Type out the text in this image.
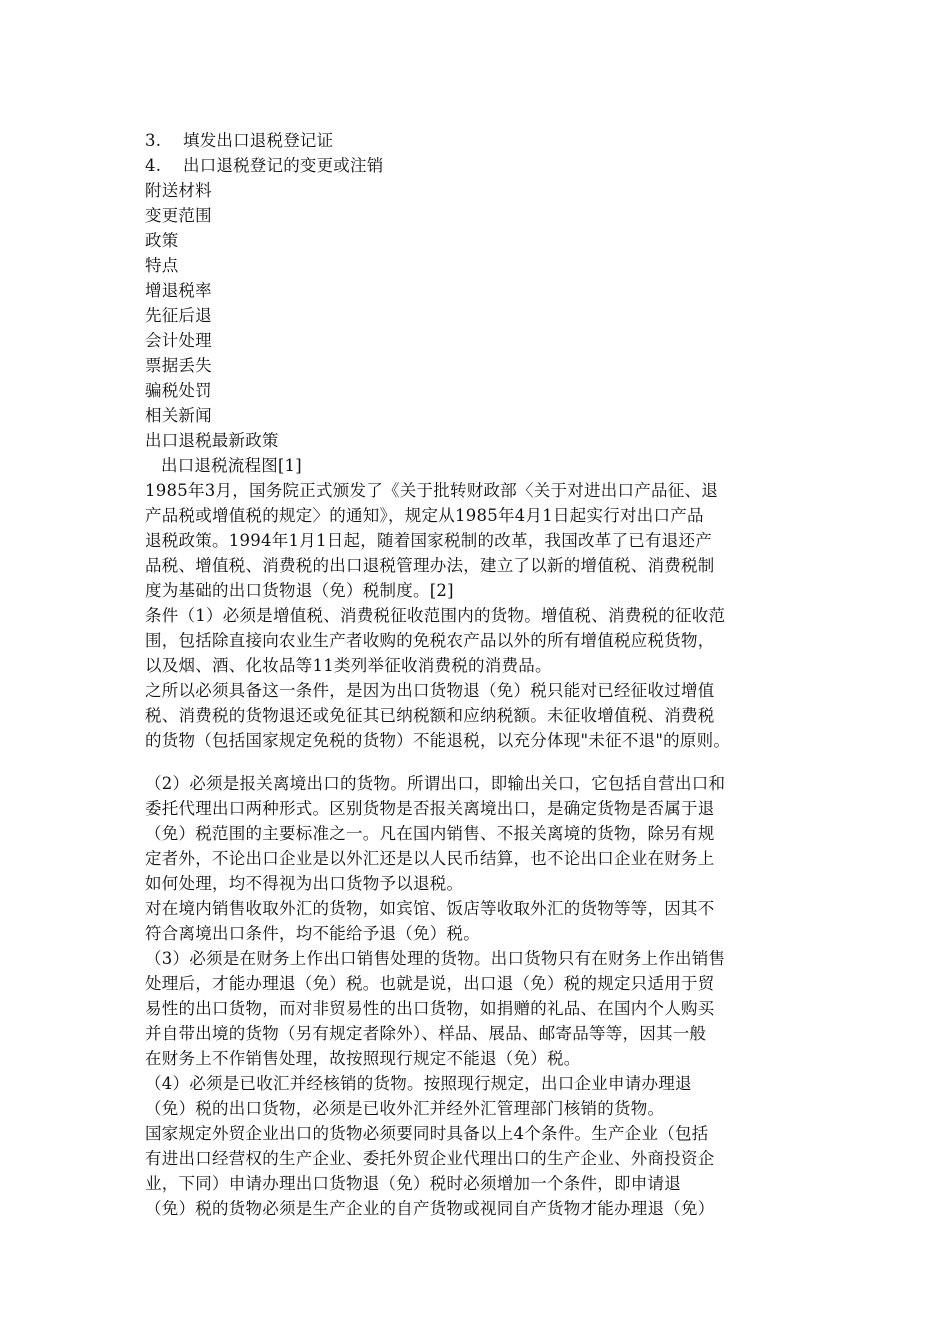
3. 填发出口退税登记证
4. 出口退税登记的变更或注销
附送材料
变更范围
政策
特点
增退税率
先征后退
会计处理
票据丢失
骗税处罚
相关新闻
出口退税最新政策
出口退税流程图[1]
1985年3月，国务院正式颁发了《关于批转财政部〈关于对进出口产品征、退
产品税或增值税的规定〉的通知》，规定从1985年4月1日起实行对出口产品
退税政策。1994年1月1日起，随着国家税制的改革，我国改革了已有退还产
品税、增值税、消费税的出口退税管理办法，建立了以新的增值税、消费税制
度为基础的出口货物退（免）税制度。[2]
条件（1）必须是增值税、消费税征收范围内的货物。增值税、消费税的征收范
围，包括除直接向农业生产者收购的免税农产品以外的所有增值税应税货物，
以及烟、酒、化妆品等11类列举征收消费税的消费品。
之所以必须具备这一条件，是因为出口货物退（免）税只能对已经征收过增值
税、消费税的货物退还或免征其已纳税额和应纳税额。未征收增值税、消费税
的货物（包括国家规定免税的货物）不能退税，以充分体现"未征不退"的原则。
（2）必须是报关离境出口的货物。所谓出口，即输出关口，它包括自营出口和
委托代理出口两种形式。区别货物是否报关离境出口，是确定货物是否属于退
（免）税范围的主要标准之一。凡在国内销售、不报关离境的货物，除另有规
定者外，不论出口企业是以外汇还是以人民币结算，也不论出口企业在财务上
如何处理，均不得视为出口货物予以退税。
对在境内销售收取外汇的货物，如宾馆、饭店等收取外汇的货物等等，因其不
符合离境出口条件，均不能给予退（免）税。
（3）必须是在财务上作出口销售处理的货物。出口货物只有在财务上作出销售
处理后，才能办理退（免）税。也就是说，出口退（免）税的规定只适用于贸
易性的出口货物，而对非贸易性的出口货物，如捐赠的礼品、在国内个人购买
并自带出境的货物（另有规定者除外）、样品、展品、邮寄品等等，因其一般
在财务上不作销售处理，故按照现行规定不能退（免）税。
（4）必须是已收汇并经核销的货物。按照现行规定，出口企业申请办理退
（免）税的出口货物，必须是已收外汇并经外汇管理部门核销的货物。
国家规定外贸企业出口的货物必须要同时具备以上4个条件。生产企业（包括
有进出口经营权的生产企业、委托外贸企业代理出口的生产企业、外商投资企
业，下同）申请办理出口货物退（免）税时必须增加一个条件，即申请退
（免）税的货物必须是生产企业的自产货物或视同自产货物才能办理退（免）
